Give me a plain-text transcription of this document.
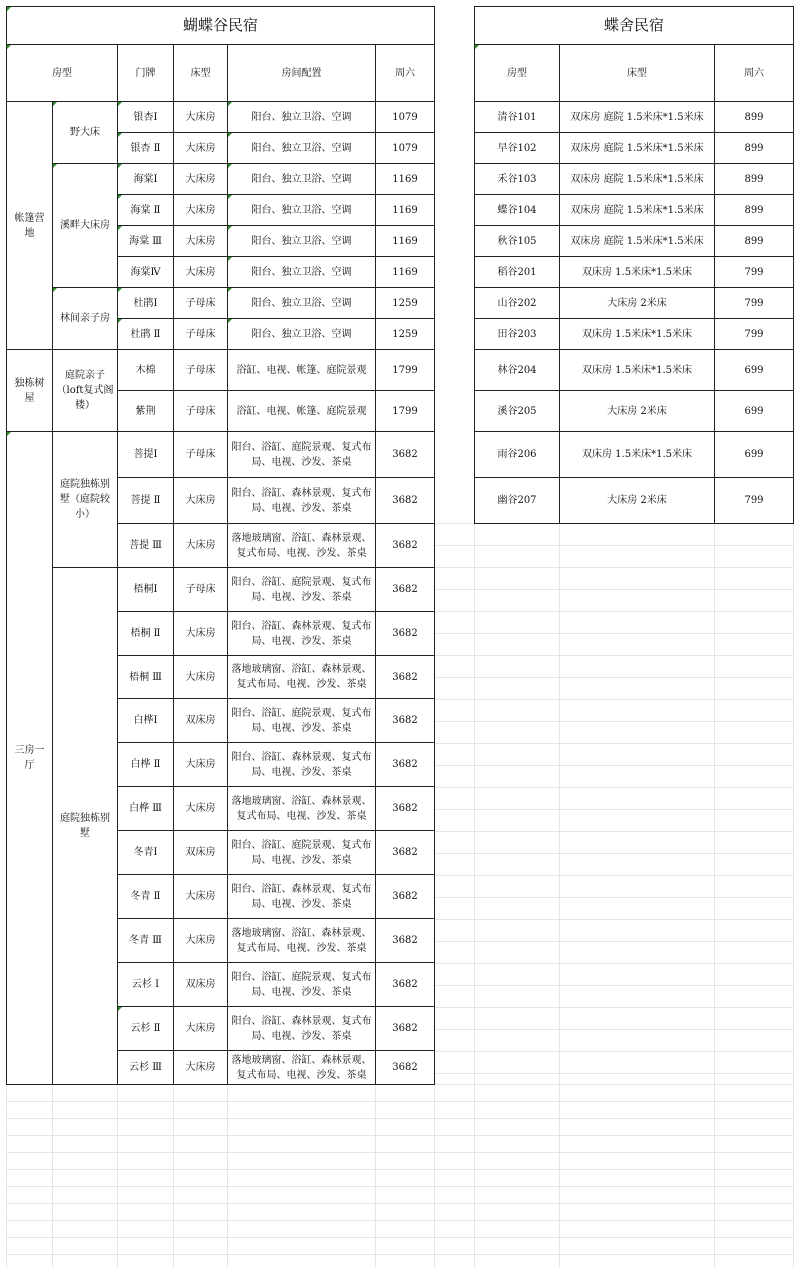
蝴蝶谷民宿					
房型		门牌	床型	房间配置	周六
帐篷营地	野大床	银杏Ⅰ	大床房	阳台、独立卫浴、空调	1079
		银杏 Ⅱ	大床房	阳台、独立卫浴、空调	1079
	溪畔大床房	海棠Ⅰ	大床房	阳台、独立卫浴、空调	1169
		海棠 Ⅱ	大床房	阳台、独立卫浴、空调	1169
		海棠 Ⅲ	大床房	阳台、独立卫浴、空调	1169
		海棠Ⅳ	大床房	阳台、独立卫浴、空调	1169
	林间亲子房	杜鹃Ⅰ	子母床	阳台、独立卫浴、空调	1259
		杜鹃 Ⅱ	子母床	阳台、独立卫浴、空调	1259
独栋树屋	庭院亲子（loft复式阁楼）	木棉	子母床	浴缸、电视、帐篷、庭院景观	1799
		紫荆	子母床	浴缸、电视、帐篷、庭院景观	1799
三房一厅	庭院独栋别墅（庭院较小）	菩提Ⅰ	子母床	阳台、浴缸、庭院景观、复式布局、电视、沙发、茶桌	3682
		菩提 Ⅱ	大床房	阳台、浴缸、森林景观、复式布局、电视、沙发、茶桌	3682
		菩提 Ⅲ	大床房	落地玻璃窗、浴缸、森林景观、复式布局、电视、沙发、茶桌	3682
	庭院独栋别墅	梧桐Ⅰ	子母床	阳台、浴缸、庭院景观、复式布局、电视、沙发、茶桌	3682
		梧桐 Ⅱ	大床房	阳台、浴缸、森林景观、复式布局、电视、沙发、茶桌	3682
		梧桐 Ⅲ	大床房	落地玻璃窗、浴缸、森林景观、复式布局、电视、沙发、茶桌	3682
		白桦Ⅰ	双床房	阳台、浴缸、庭院景观、复式布局、电视、沙发、茶桌	3682
		白桦 Ⅱ	大床房	阳台、浴缸、森林景观、复式布局、电视、沙发、茶桌	3682
		白桦 Ⅲ	大床房	落地玻璃窗、浴缸、森林景观、复式布局、电视、沙发、茶桌	3682
		冬青Ⅰ	双床房	阳台、浴缸、庭院景观、复式布局、电视、沙发、茶桌	3682
		冬青 Ⅱ	大床房	阳台、浴缸、森林景观、复式布局、电视、沙发、茶桌	3682
		冬青 Ⅲ	大床房	落地玻璃窗、浴缸、森林景观、复式布局、电视、沙发、茶桌	3682
		云杉 Ⅰ	双床房	阳台、浴缸、庭院景观、复式布局、电视、沙发、茶桌	3682
		云杉 Ⅱ	大床房	阳台、浴缸、森林景观、复式布局、电视、沙发、茶桌	3682
		云杉 Ⅲ	大床房	落地玻璃窗、浴缸、森林景观、复式布局、电视、沙发、茶桌	3682
蝶舍民宿		
房型	床型	周六
清谷101	双床房 庭院 1.5米床*1.5米床	899
早谷102	双床房 庭院 1.5米床*1.5米床	899
禾谷103	双床房 庭院 1.5米床*1.5米床	899
蝶谷104	双床房 庭院 1.5米床*1.5米床	899
秋谷105	双床房 庭院 1.5米床*1.5米床	899
稻谷201	双床房 1.5米床*1.5米床	799
山谷202	大床房 2米床	799
田谷203	双床房 1.5米床*1.5米床	799
林谷204	双床房 1.5米床*1.5米床	699
溪谷205	大床房 2米床	699
雨谷206	双床房 1.5米床*1.5米床	699
幽谷207	大床房 2米床	799
